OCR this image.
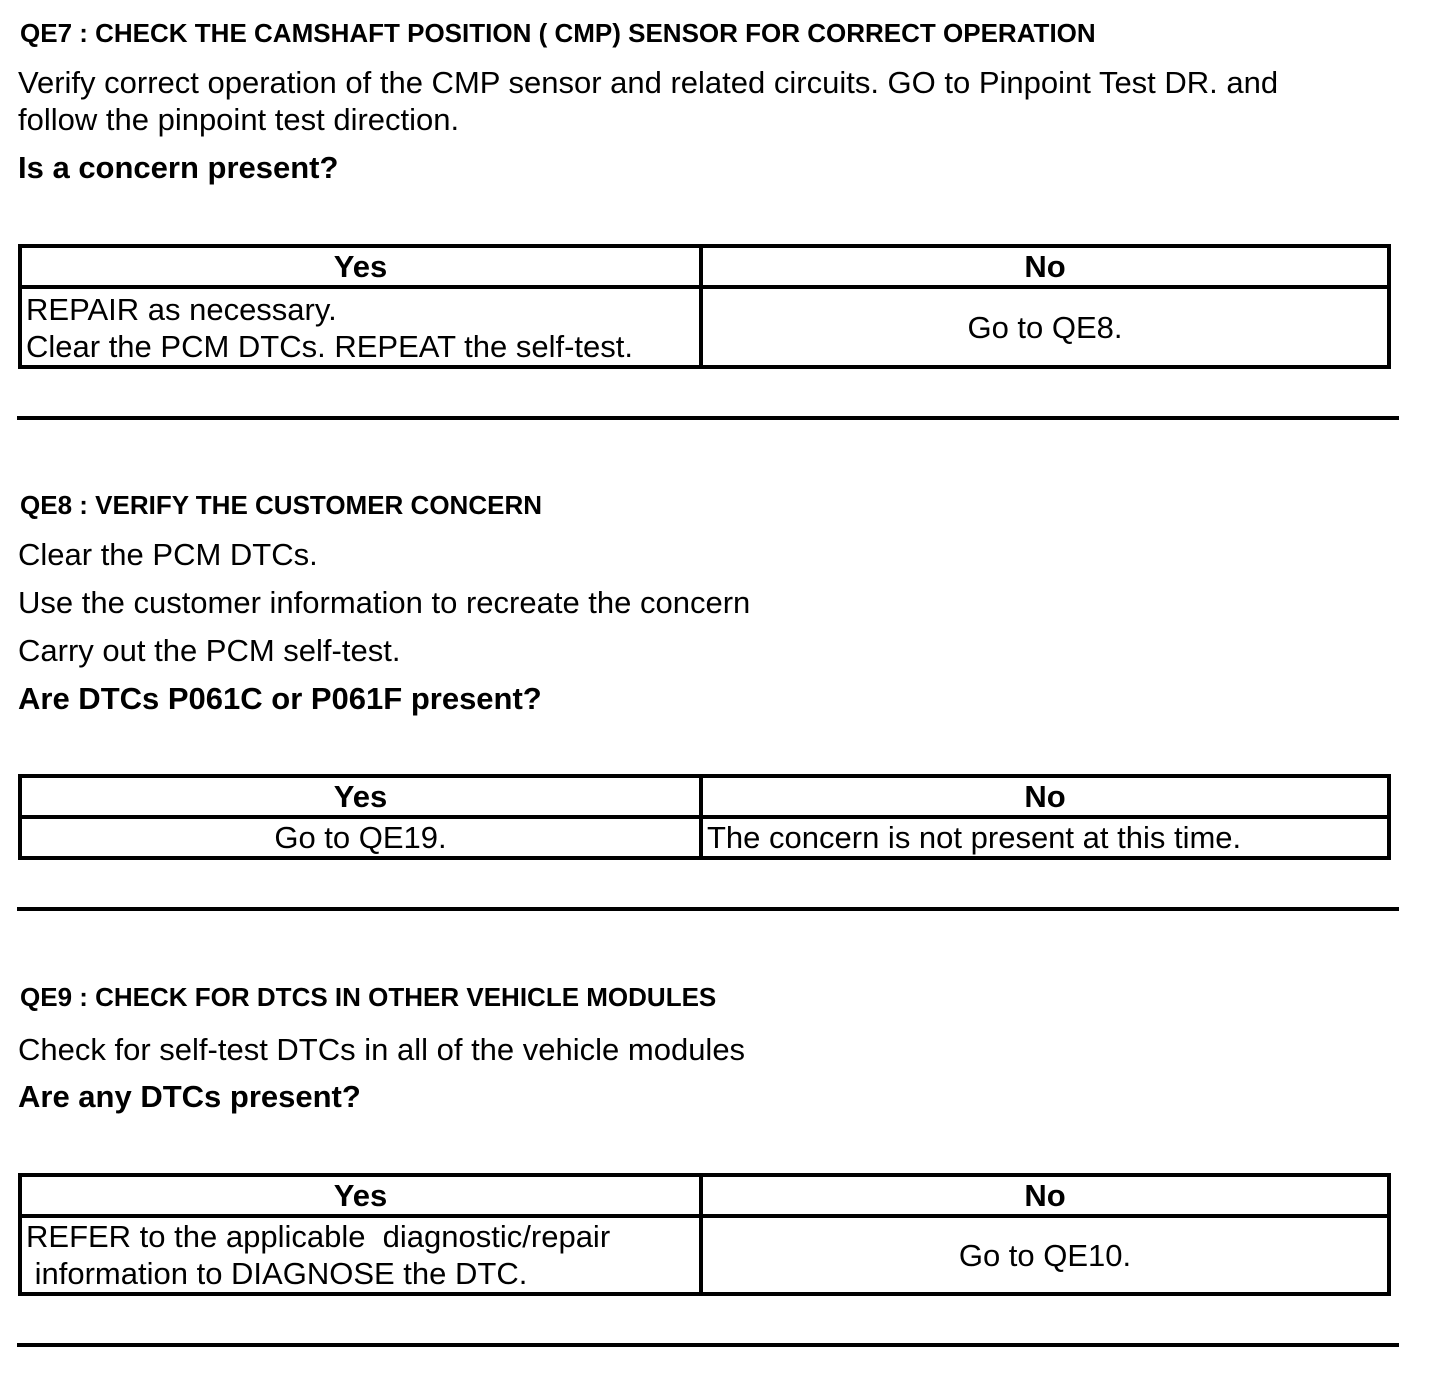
QE7 : CHECK THE CAMSHAFT POSITION ( CMP) SENSOR FOR CORRECT OPERATION
Verify correct operation of the CMP sensor and related circuits. GO to Pinpoint Test DR. and
follow the pinpoint test direction.
Is a concern present?
Yes	No

REPAIR as necessary.
Clear the PCM DTCs. REPEAT the self-test.	Go to QE8.
QE8 : VERIFY THE CUSTOMER CONCERN
Clear the PCM DTCs.
Use the customer information to recreate the concern
Carry out the PCM self-test.
Are DTCs P061C or P061F present?
Yes	No
Go to QE19.	The concern is not present at this time.
QE9 : CHECK FOR DTCS IN OTHER VEHICLE MODULES
Check for self-test DTCs in all of the vehicle modules
Are any DTCs present?
Yes	No

REFER to the applicable  diagnostic/repair
information to DIAGNOSE the DTC.	Go to QE10.
